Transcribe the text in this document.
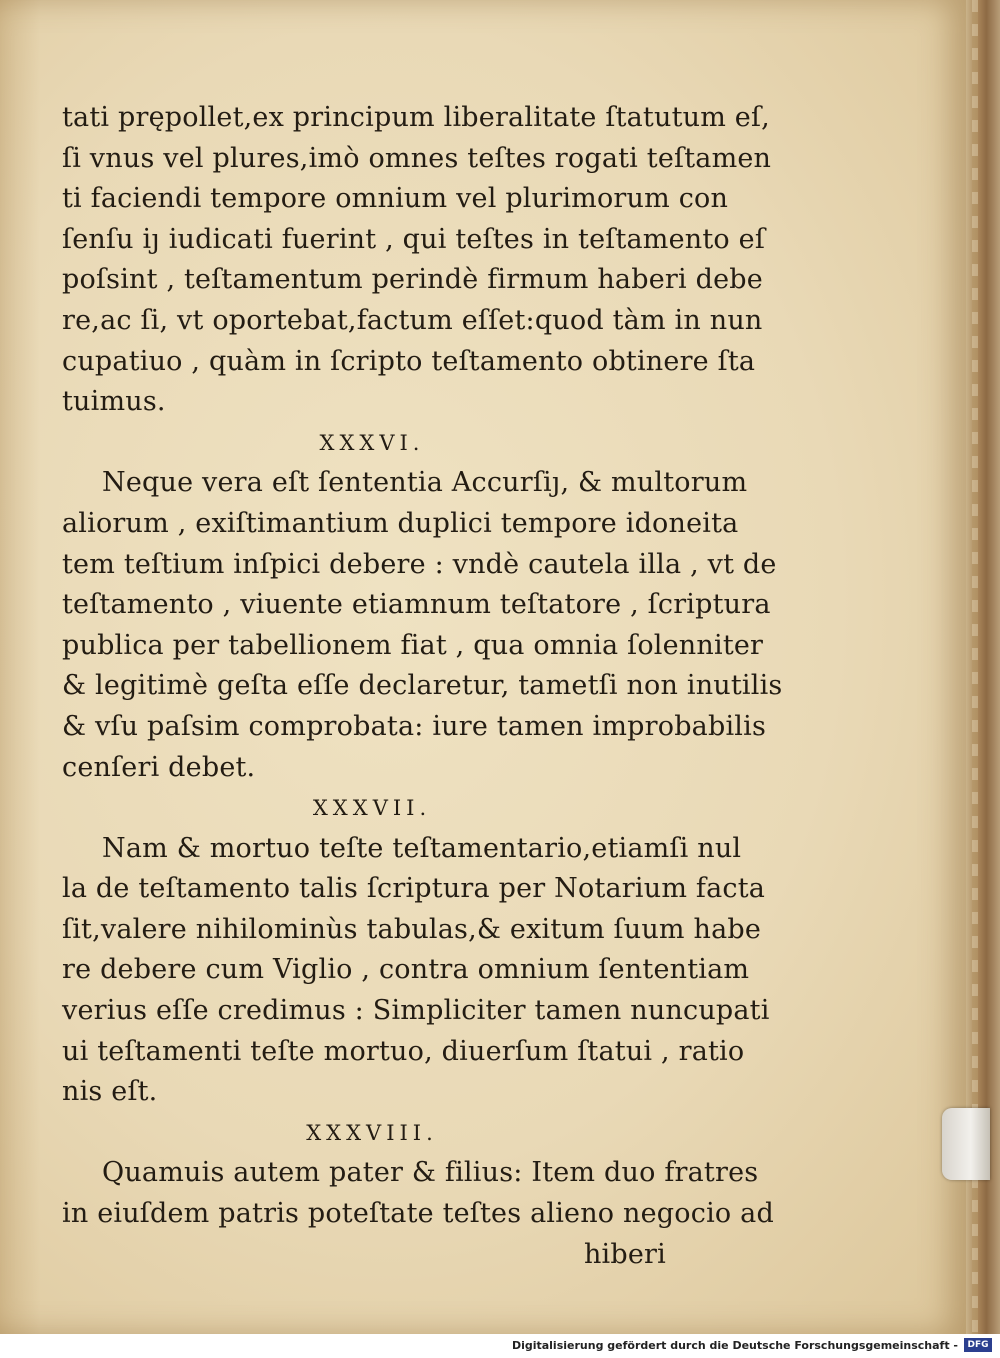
tati prępollet,ex principum liberalitate ſtatutum eſ,
ſi vnus vel plures,imò omnes teſtes rogati teſtamen
ti faciendi tempore omnium vel plurimorum con
ſenſu iȷ iudicati fuerint , qui teſtes in teſtamento eſ
poſsint , teſtamentum perindè firmum haberi debe
re,ac ſi, vt oportebat,factum eſſet:quod tàm in nun
cupatiuo , quàm in ſcripto teſtamento obtinere ſta
tuimus.
XXXVI.
Neque vera eſt ſententia Accurſiȷ, & multorum
aliorum , exiſtimantium duplici tempore idoneita
tem teſtium inſpici debere : vndè cautela illa , vt de
teſtamento , viuente etiamnum teſtatore , ſcriptura
publica per tabellionem fiat , qua omnia ſolenniter
& legitimè geſta eſſe declaretur, tametſi non inutilis
& vſu paſsim comprobata: iure tamen improbabilis
cenſeri debet.
XXXVII.
Nam & mortuo teſte teſtamentario,etiamſi nul
la de teſtamento talis ſcriptura per Notarium facta
ſit,valere nihilominùs tabulas,& exitum ſuum habe
re debere cum Viglio , contra omnium ſententiam
verius eſſe credimus : Simpliciter tamen nuncupati
ui teſtamenti teſte mortuo, diuerſum ſtatui , ratio
nis eſt.
XXXVIII.
Quamuis autem pater & filius: Item duo fratres
in eiuſdem patris poteſtate teſtes alieno negocio ad
hiberi
Digitalisierung gefördert durch die Deutsche Forschungsgemeinschaft -	DFG
